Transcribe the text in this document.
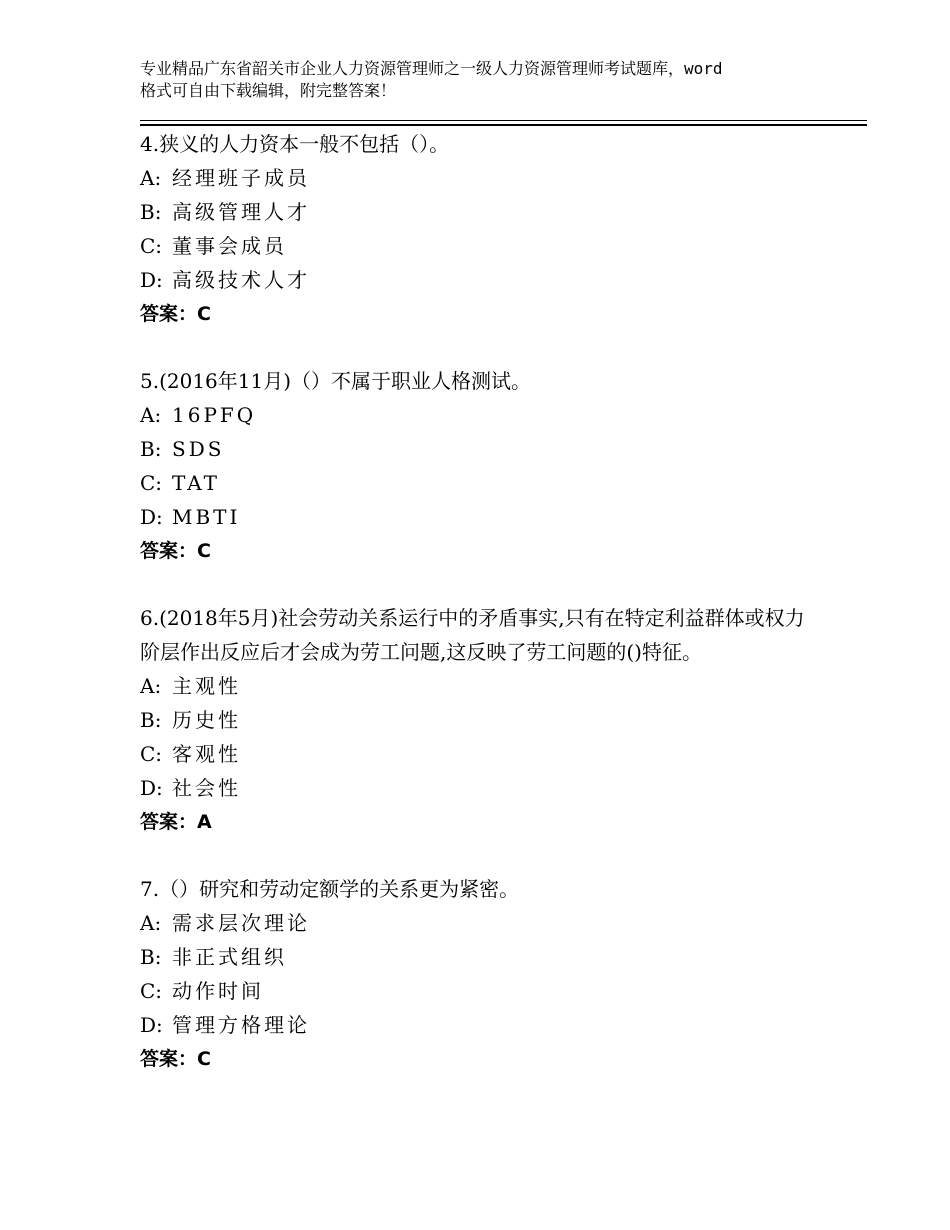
专业精品广东省韶关市企业人力资源管理师之一级人力资源管理师考试题库，word
格式可自由下载编辑，附完整答案！
4.狭义的人力资本一般不包括（）。
A: 经理班子成员
B: 高级管理人才
C: 董事会成员
D: 高级技术人才
答案：C
5.(2016年11月)（）不属于职业人格测试。
A: 16PFQ
B: SDS
C: TAT
D: MBTI
答案：C
6.(2018年5月)社会劳动关系运行中的矛盾事实,只有在特定利益群体或权力阶层作出反应后才会成为劳工问题,这反映了劳工问题的()特征。
A: 主观性
B: 历史性
C: 客观性
D: 社会性
答案：A
7.（）研究和劳动定额学的关系更为紧密。
A: 需求层次理论
B: 非正式组织
C: 动作时间
D: 管理方格理论
答案：C
